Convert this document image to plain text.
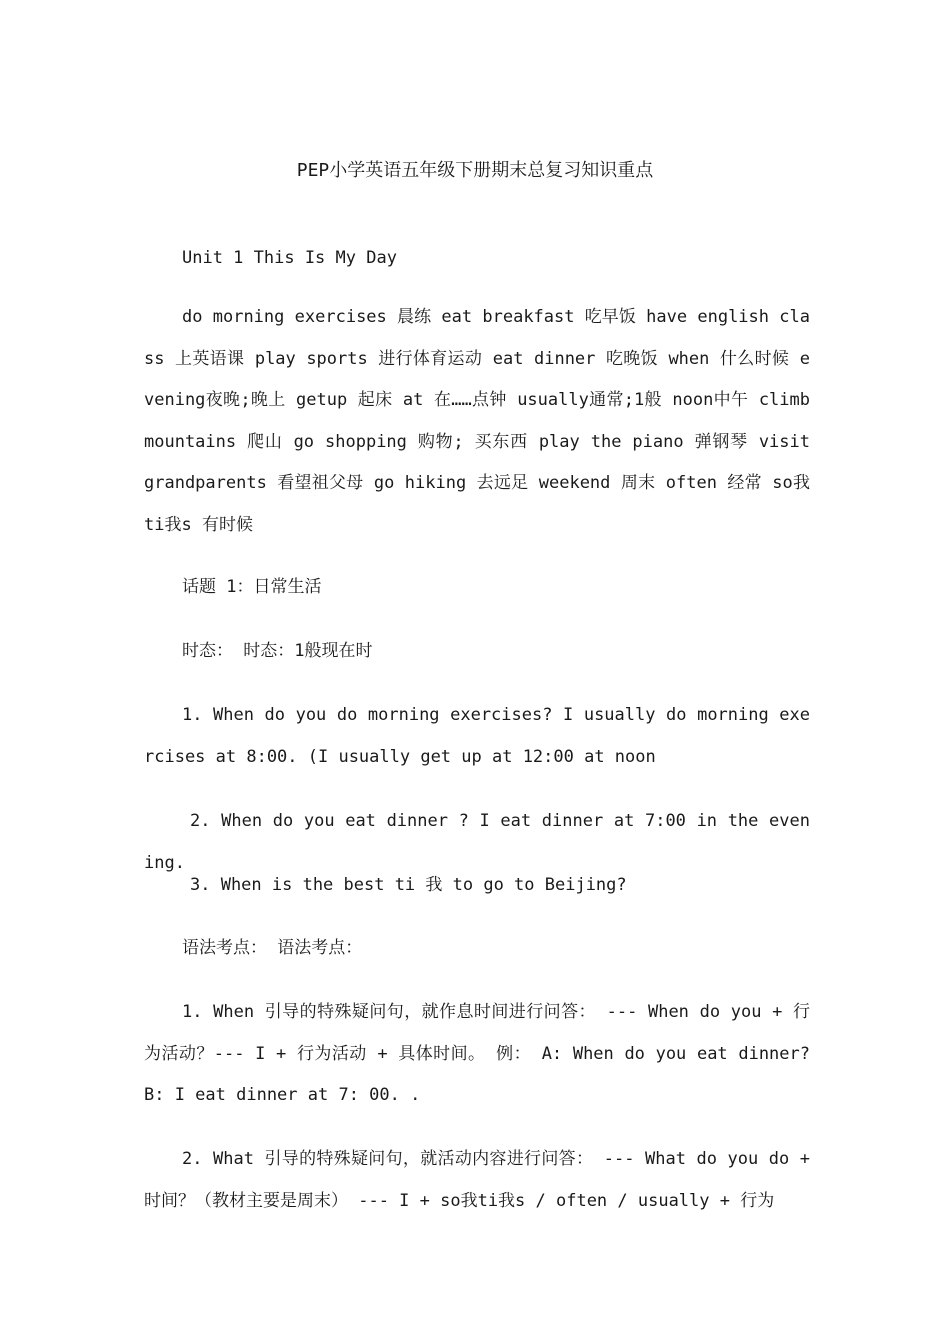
PEP小学英语五年级下册期末总复习知识重点

Unit 1 This Is My Day

do morning exercises 晨练 eat breakfast 吃早饭 have english class 上英语课 play sports 进行体育运动 eat dinner 吃晚饭 when 什么时候 evening夜晚;晚上 getup 起床 at 在……点钟 usually通常;1般 noon中午 climb mountains 爬山 go shopping 购物; 买东西 play the piano 弹钢琴 visit grandparents 看望祖父母 go hiking 去远足 weekend 周末 often 经常 so我ti我s 有时候

话题 1：日常生活

时态： 时态：1般现在时

1. When do you do morning exercises? I usually do morning exercises at 8:00. (I usually get up at 12:00 at noon

2. When do you eat dinner ? I eat dinner at 7:00 in the evening.

3. When is the best ti 我 to go to Beijing?

语法考点： 语法考点：

1. When 引导的特殊疑问句，就作息时间进行问答： --- When do you + 行为活动？--- I + 行为活动 + 具体时间。 例： A: When do you eat dinner? B: I eat dinner at 7: 00. .

2. What 引导的特殊疑问句，就活动内容进行问答： --- What do you do + 时间？（教材主要是周末） --- I + so我ti我s / often / usually + 行为
